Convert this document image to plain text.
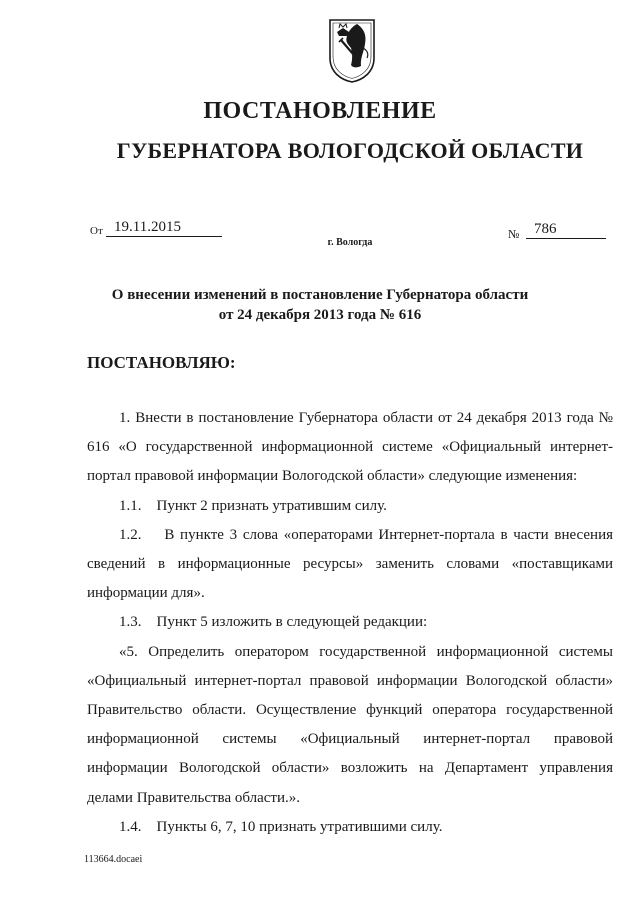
ПОСТАНОВЛЕНИЕ
ГУБЕРНАТОРА ВОЛОГОДСКОЙ ОБЛАСТИ
От 19.11.2015	№ 786
г. Вологда
О внесении изменений в постановление Губернатора области
от 24 декабря 2013 года № 616
ПОСТАНОВЛЯЮ:

1. Внести в постановление Губернатора области от 24 декабря 2013 года № 616 «О государственной информационной системе «Официальный интернет-портал правовой информации Вологодской области» следующие изменения:

1.1.    Пункт 2 признать утратившим силу.

1.2.    В пункте 3 слова «операторами Интернет-портала в части внесения сведений в информационные ресурсы» заменить словами «поставщиками информации для».

1.3.    Пункт 5 изложить в следующей редакции:

«5. Определить оператором государственной информационной системы «Официальный интернет-портал правовой информации Вологодской области» Правительство области. Осуществление функций оператора государственной информационной системы «Официальный интернет-портал правовой информации Вологодской области» возложить на Департамент управления делами Правительства области.».

1.4.    Пункты 6, 7, 10 признать утратившими силу.

113664.docaei
